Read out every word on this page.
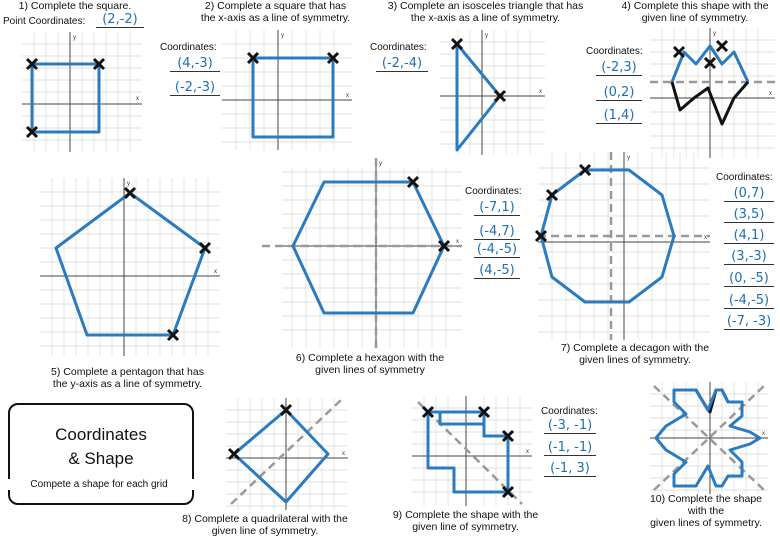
1) Complete the square.
Point Coordinates:	(2,-2)
2) Complete a square that has
the x-axis as a line of symmetry.
3) Complete an isosceles triangle that has
the x-axis as a line of symmetry.
4) Complete this shape with the
given line of symmetry.
y
x
Coordinates:
(4,-3)
(-2,-3)
y
x
Coordinates:
(-2,-4)
y
x
Coordinates:
(-2,3)
(0,2)
(1,4)
y
x
y
x
5) Complete a pentagon that has
the y-axis as a line of symmetry.
y
x
Coordinates:
(-7,1)
(-4,7)
(-4,-5)
(4,-5)
6) Complete a hexagon with the
given lines of symmetry
y
x
Coordinates:
(0,7)
(3,5)
(4,1)
(3,-3)
(0, -5)
(-4,-5)
(-7, -3)
7) Complete a decagon with the
given lines of symmetry.
Coordinates
& Shape
Compete a shape for each grid
x
8) Complete a quadrilateral with the
given line of symmetry.
x
Coordinates:
(-3, -1)
(-1, -1)
(-1, 3)
9) Complete the shape with the
given line of symmetry.
x
10) Complete the shape
with the
given lines of symmetry.
